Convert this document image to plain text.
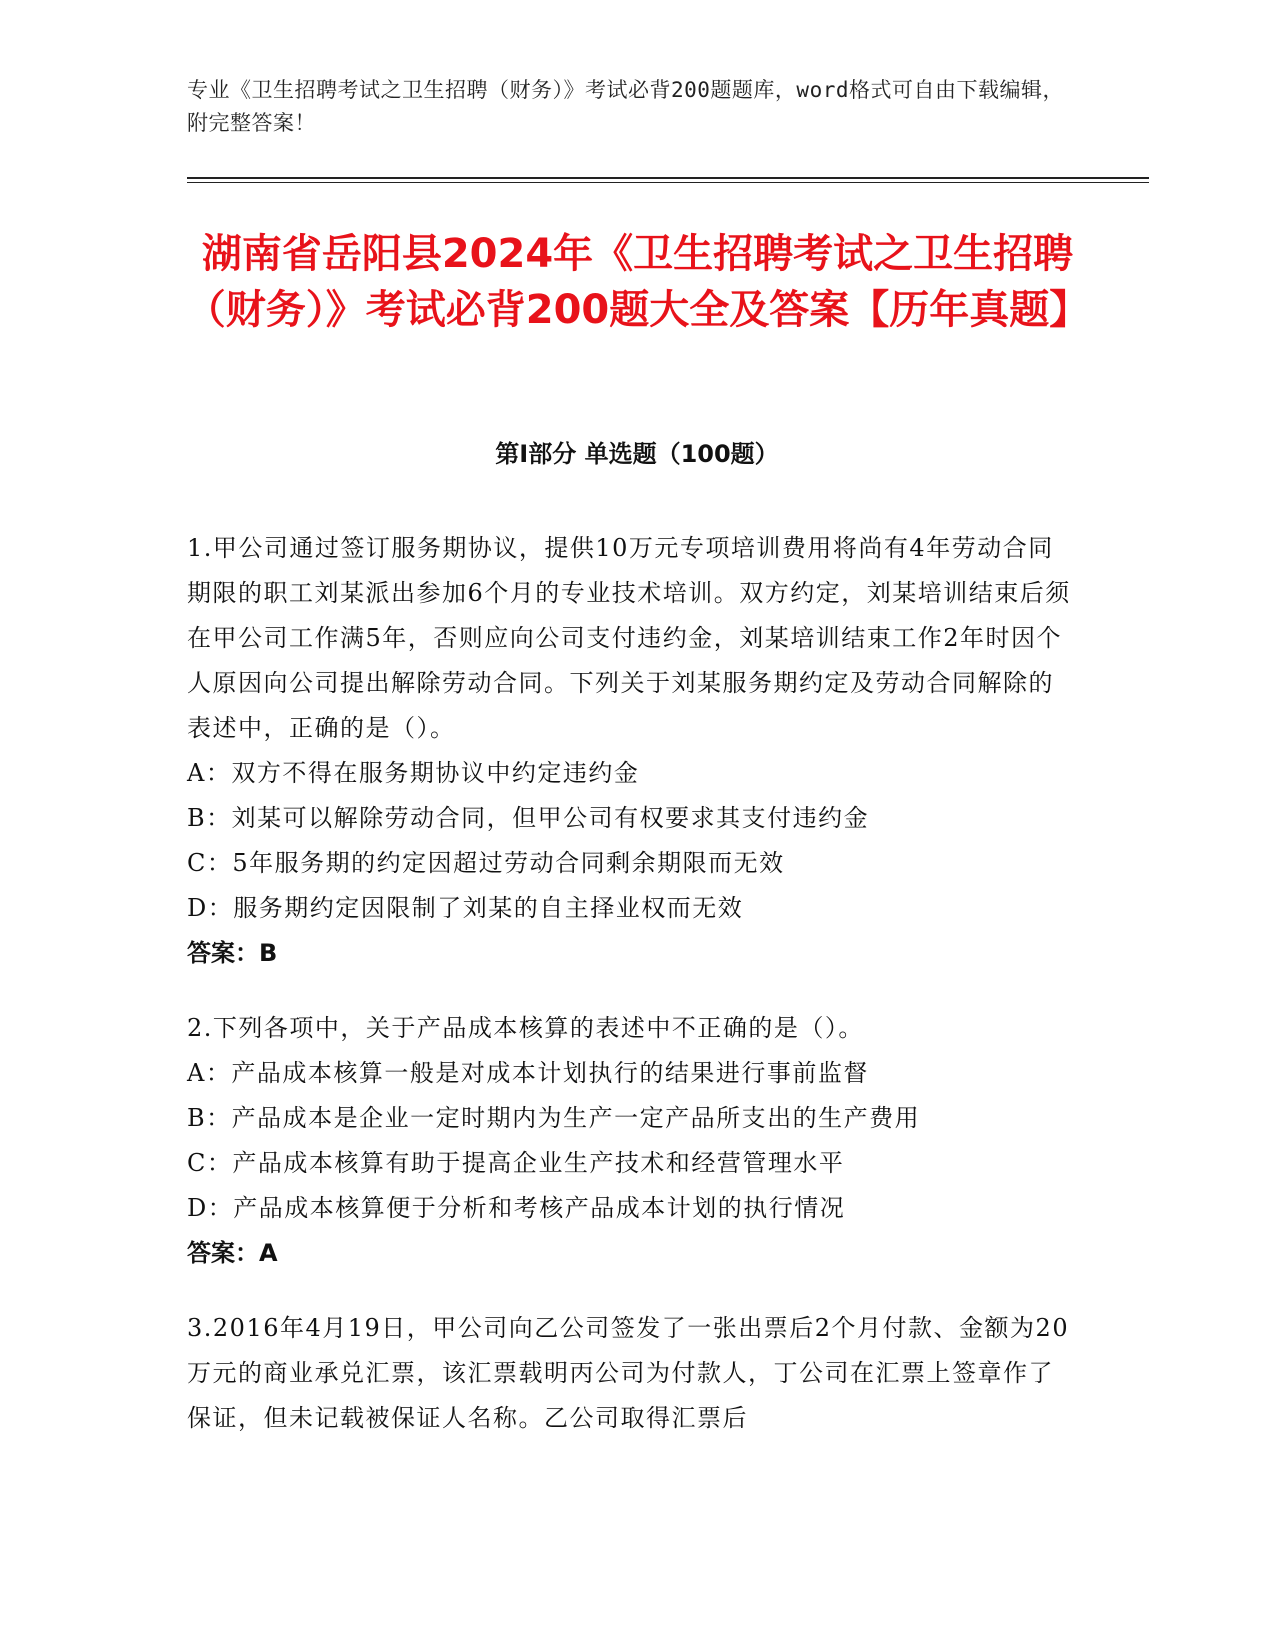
专业《卫生招聘考试之卫生招聘（财务）》考试必背200题题库，word格式可自由下载编辑，附完整答案！
湖南省岳阳县2024年《卫生招聘考试之卫生招聘（财务）》考试必背200题大全及答案【历年真题】
第I部分 单选题（100题）

1.甲公司通过签订服务期协议，提供10万元专项培训费用将尚有4年劳动合同期限的职工刘某派出参加6个月的专业技术培训。双方约定，刘某培训结束后须在甲公司工作满5年，否则应向公司支付违约金，刘某培训结束工作2年时因个人原因向公司提出解除劳动合同。下列关于刘某服务期约定及劳动合同解除的表述中，正确的是（）。

A：双方不得在服务期协议中约定违约金

B：刘某可以解除劳动合同，但甲公司有权要求其支付违约金

C：5年服务期的约定因超过劳动合同剩余期限而无效

D：服务期约定因限制了刘某的自主择业权而无效

答案：B

2.下列各项中，关于产品成本核算的表述中不正确的是（）。

A：产品成本核算一般是对成本计划执行的结果进行事前监督

B：产品成本是企业一定时期内为生产一定产品所支出的生产费用

C：产品成本核算有助于提高企业生产技术和经营管理水平

D：产品成本核算便于分析和考核产品成本计划的执行情况

答案：A

3.2016年4月19日，甲公司向乙公司签发了一张出票后2个月付款、金额为20万元的商业承兑汇票，该汇票载明丙公司为付款人，丁公司在汇票上签章作了保证，但未记载被保证人名称。乙公司取得汇票后
